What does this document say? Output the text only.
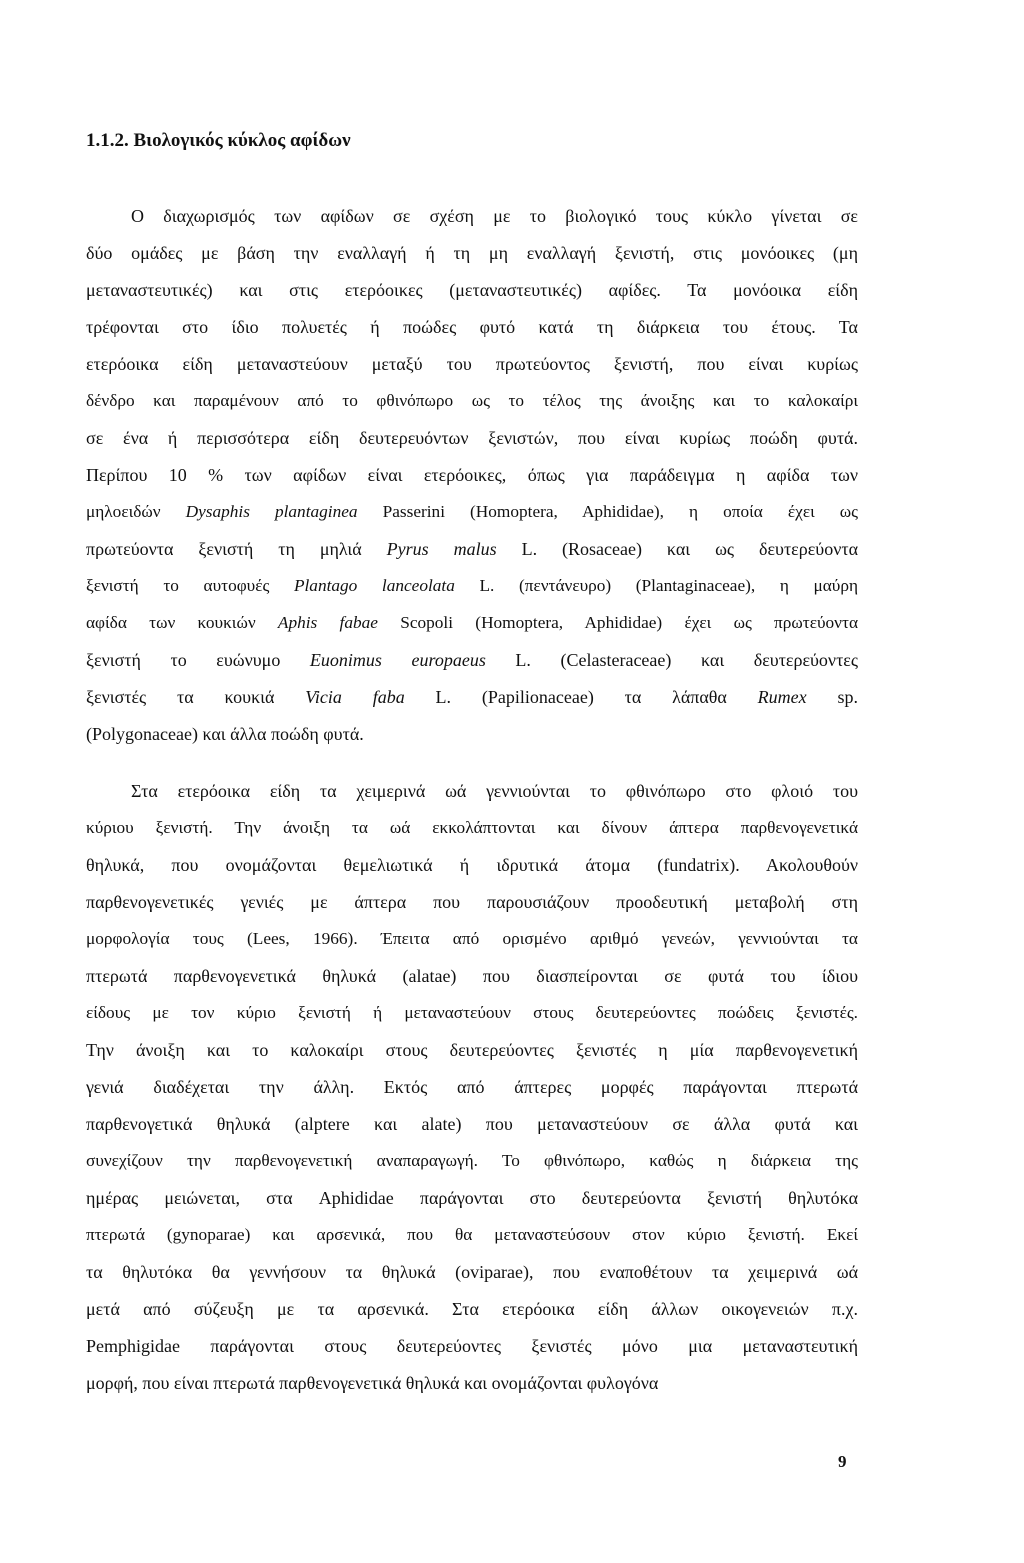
1.1.2. Βιολογικός κύκλος αφίδων
Ο διαχωρισμός των αφίδων σε σχέση με το βιολογικό τους κύκλο γίνεται σε
δύο ομάδες με βάση την εναλλαγή ή τη μη εναλλαγή ξενιστή, στις μονόοικες (μη
μεταναστευτικές) και στις ετερόοικες (μεταναστευτικές) αφίδες. Τα μονόοικα είδη
τρέφονται στο ίδιο πολυετές ή ποώδες φυτό κατά τη διάρκεια του έτους. Τα
ετερόοικα είδη μεταναστεύουν μεταξύ του πρωτεύοντος ξενιστή, που είναι κυρίως
δένδρο και παραμένουν από το φθινόπωρο ως το τέλος της άνοιξης και το καλοκαίρι
σε ένα ή περισσότερα είδη δευτερευόντων ξενιστών, που είναι κυρίως ποώδη φυτά.
Περίπου 10 % των αφίδων είναι ετερόοικες, όπως για παράδειγμα η αφίδα των
μηλοειδών Dysaphis plantaginea Passerini (Homoptera, Aphididae), η οποία έχει ως
πρωτεύοντα ξενιστή τη μηλιά Pyrus malus L. (Rosaceae) και ως δευτερεύοντα
ξενιστή το αυτοφυές Plantago lanceolata L. (πεντάνευρο) (Plantaginaceae), η μαύρη
αφίδα των κουκιών Aphis fabae Scopoli (Homoptera, Aphididae) έχει ως πρωτεύοντα
ξενιστή το ευώνυμο Euonimus europaeus L. (Celasteraceae) και δευτερεύοντες
ξενιστές τα κουκιά Vicia faba L. (Papilionaceae) τα λάπαθα Rumex sp.
(Polygonaceae) και άλλα ποώδη φυτά.
Στα ετερόοικα είδη τα χειμερινά ωά γεννιούνται το φθινόπωρο στο φλοιό του
κύριου ξενιστή. Την άνοιξη τα ωά εκκολάπτονται και δίνουν άπτερα παρθενογενετικά
θηλυκά, που ονομάζονται θεμελιωτικά ή ιδρυτικά άτομα (fundatrix). Ακολουθούν
παρθενογενετικές γενιές με άπτερα που παρουσιάζουν προοδευτική μεταβολή στη
μορφολογία τους (Lees, 1966). Έπειτα από ορισμένο αριθμό γενεών, γεννιούνται τα
πτερωτά παρθενογενετικά θηλυκά (alatae) που διασπείρονται σε φυτά του ίδιου
είδους με τον κύριο ξενιστή ή μεταναστεύουν στους δευτερεύοντες ποώδεις ξενιστές.
Την άνοιξη και το καλοκαίρι στους δευτερεύοντες ξενιστές η μία παρθενογενετική
γενιά διαδέχεται την άλλη. Εκτός από άπτερες μορφές παράγονται πτερωτά
παρθενογετικά θηλυκά (alptere και alate) που μεταναστεύουν σε άλλα φυτά και
συνεχίζουν την παρθενογενετική αναπαραγωγή. Το φθινόπωρο, καθώς η διάρκεια της
ημέρας μειώνεται, στα Aphididae παράγονται στο δευτερεύοντα ξενιστή θηλυτόκα
πτερωτά (gynoparae) και αρσενικά, που θα μεταναστεύσουν στον κύριο ξενιστή. Εκεί
τα θηλυτόκα θα γεννήσουν τα θηλυκά (oviparae), που εναποθέτουν τα χειμερινά ωά
μετά από σύζευξη με τα αρσενικά. Στα ετερόοικα είδη άλλων οικογενειών π.χ.
Pemphigidae παράγονται στους δευτερεύοντες ξενιστές μόνο μια μεταναστευτική
μορφή, που είναι πτερωτά παρθενογενετικά θηλυκά και ονομάζονται φυλογόνα
9
